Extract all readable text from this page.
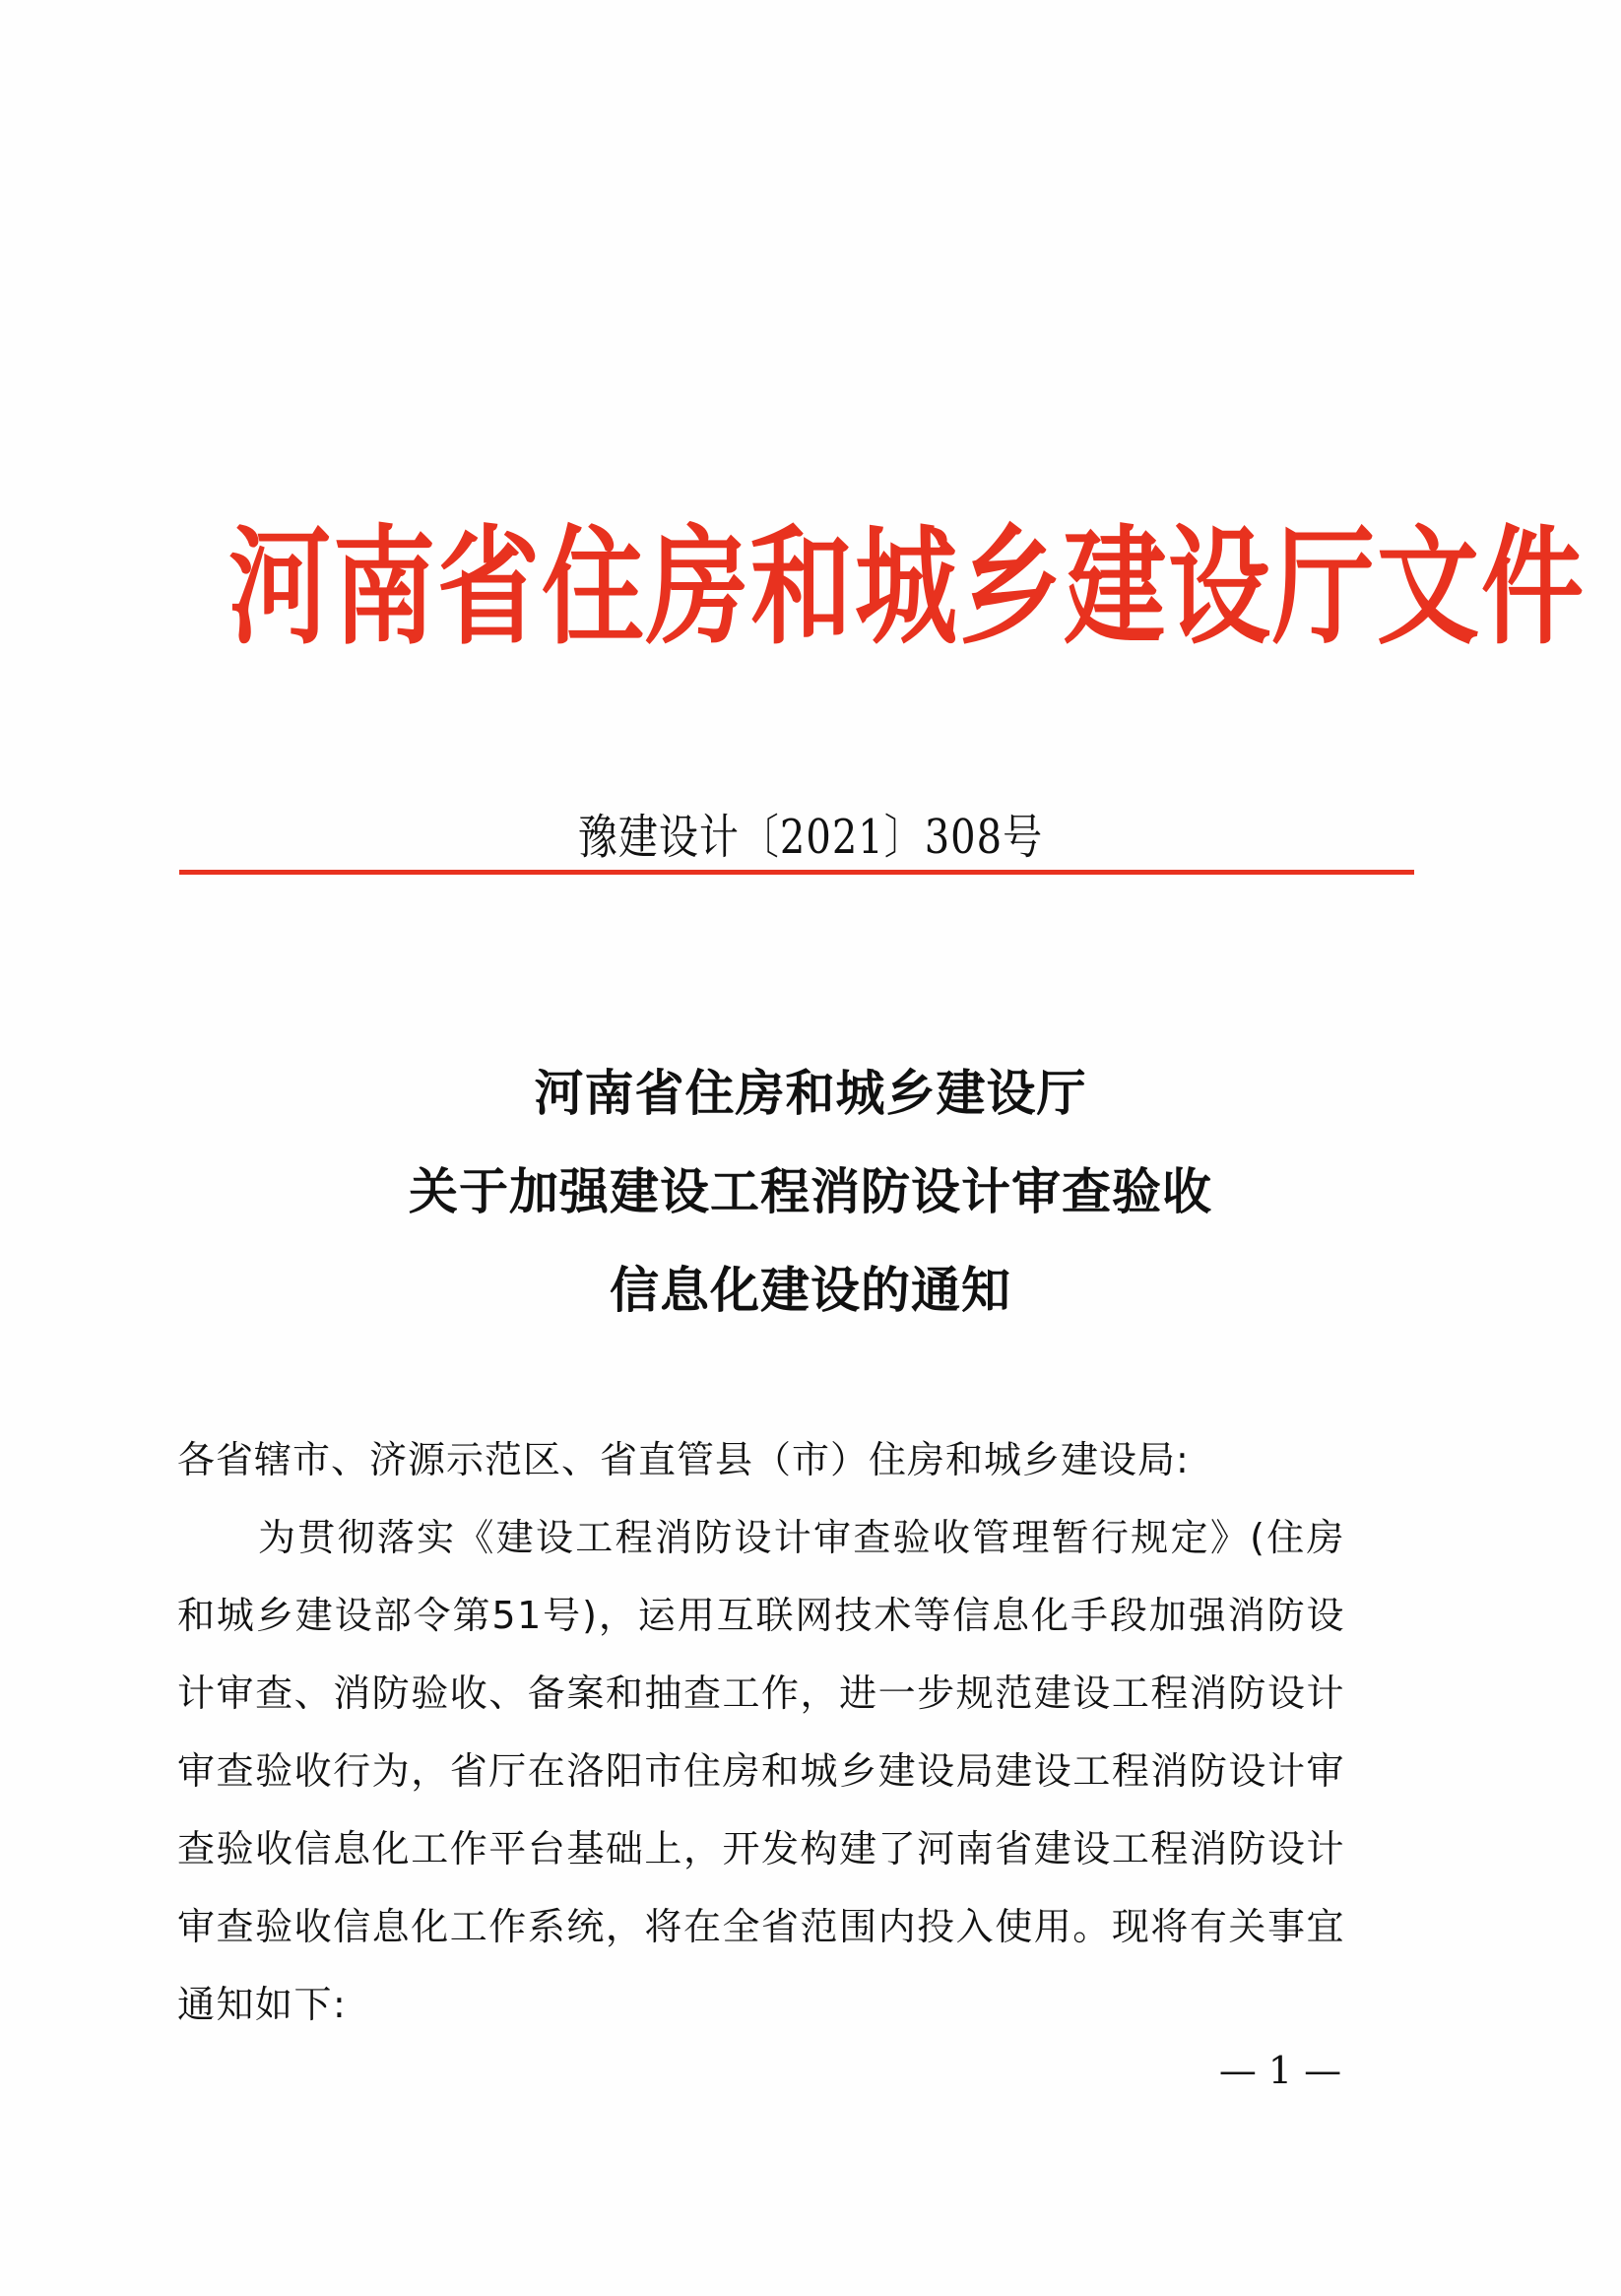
河南省住房和城乡建设厅文件
豫建设计〔2021〕308号
河南省住房和城乡建设厅
关于加强建设工程消防设计审查验收
信息化建设的通知
各省辖市、济源示范区、省直管县（市）住房和城乡建设局:
为贯彻落实《建设工程消防设计审查验收管理暂行规定》(住房和城乡建设部令第51号)，运用互联网技术等信息化手段加强消防设计审查、消防验收、备案和抽查工作，进一步规范建设工程消防设计审查验收行为，省厅在洛阳市住房和城乡建设局建设工程消防设计审查验收信息化工作平台基础上，开发构建了河南省建设工程消防设计审查验收信息化工作系统，将在全省范围内投入使用。现将有关事宜通知如下:
— 1 —
